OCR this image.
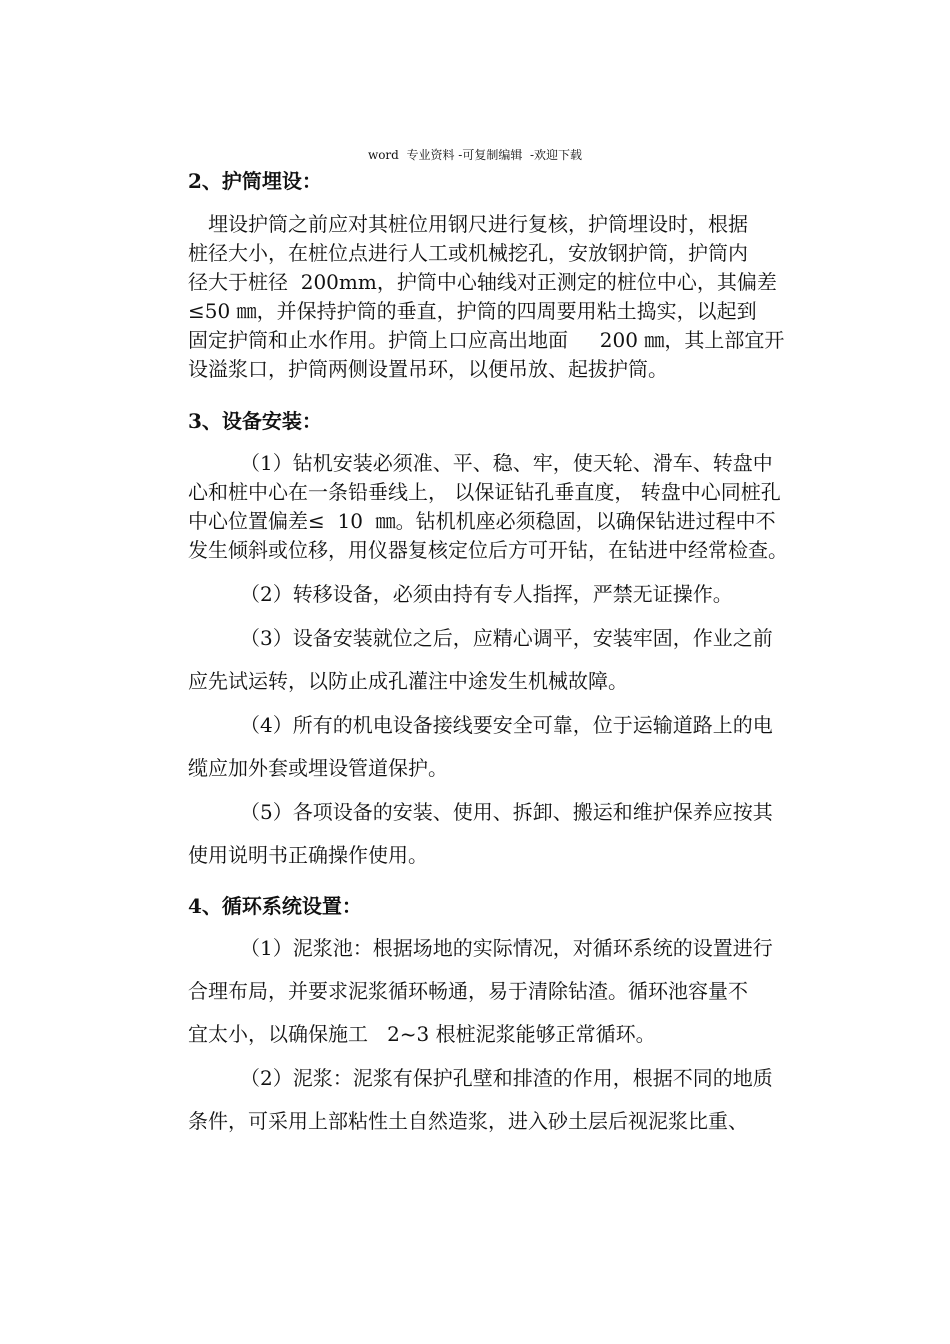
word  专业资料 -可复制编辑  -欢迎下载

2、护筒埋设：

埋设护筒之前应对其桩位用钢尺进行复核，护筒埋设时，根据
桩径大小，在桩位点进行人工或机械挖孔，安放钢护筒，护筒内
径大于桩径  200mm，护筒中心轴线对正测定的桩位中心，其偏差
≤50 ㎜，并保持护筒的垂直，护筒的四周要用粘土捣实，以起到
固定护筒和止水作用。护筒上口应高出地面     200 ㎜，其上部宜开
设溢浆口，护筒两侧设置吊环，以便吊放、起拔护筒。

3、设备安装：

（1）钻机安装必须准、平、稳、牢，使天轮、滑车、转盘中
心和桩中心在一条铅垂线上， 以保证钻孔垂直度， 转盘中心同桩孔
中心位置偏差≤  10  ㎜。钻机机座必须稳固，以确保钻进过程中不
发生倾斜或位移，用仪器复核定位后方可开钻，在钻进中经常检查。
（2）转移设备，必须由持有专人指挥，严禁无证操作。
（3）设备安装就位之后，应精心调平，安装牢固，作业之前
应先试运转，以防止成孔灌注中途发生机械故障。
（4）所有的机电设备接线要安全可靠，位于运输道路上的电
缆应加外套或埋设管道保护。
（5）各项设备的安装、使用、拆卸、搬运和维护保养应按其
使用说明书正确操作使用。

4、循环系统设置：

（1）泥浆池：根据场地的实际情况，对循环系统的设置进行
合理布局，并要求泥浆循环畅通，易于清除钻渣。循环池容量不
宜太小，以确保施工   2~3 根桩泥浆能够正常循环。
（2）泥浆：泥浆有保护孔壁和排渣的作用，根据不同的地质
条件，可采用上部粘性土自然造浆，进入砂土层后视泥浆比重、
